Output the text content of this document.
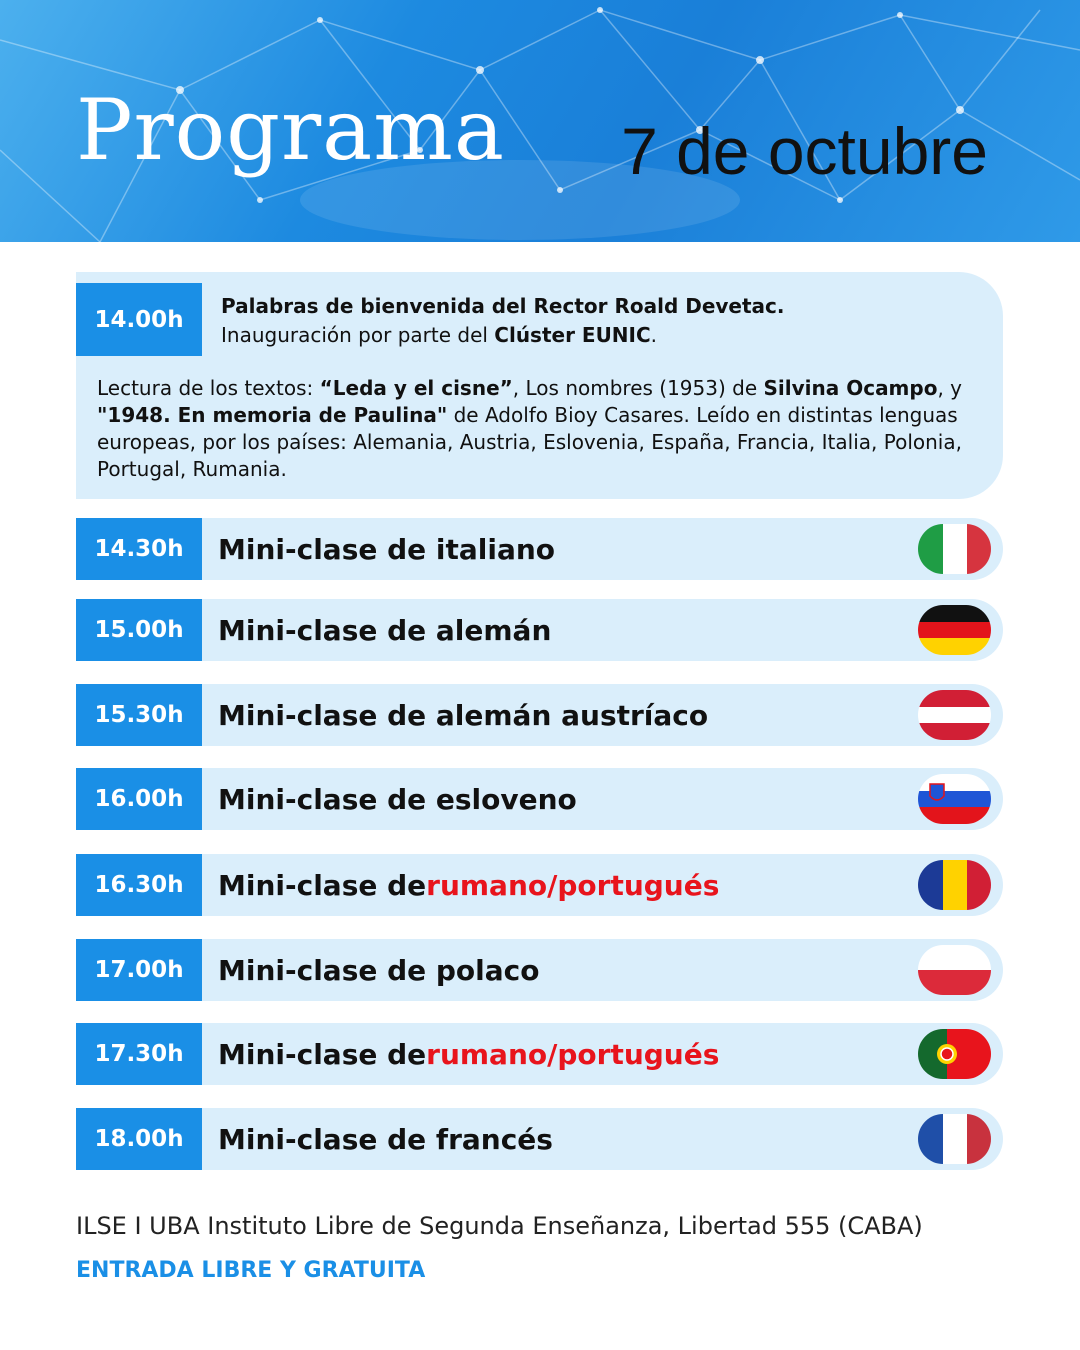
Programa 7 de octubre
14.00h
Palabras de bienvenida del Rector Roald Devetac.
Inauguración por parte del Clúster EUNIC.
Lectura de los textos: “Leda y el cisne”, Los nombres (1953) de Silvina Ocampo, y "1948. En memoria de Paulina" de Adolfo Bioy Casares. Leído en distintas lenguas europeas, por los países: Alemania, Austria, Eslovenia, España, Francia, Italia, Polonia, Portugal, Rumania.
14.30h	Mini-clase de italiano
15.00h	Mini-clase de alemán
15.30h	Mini-clase de alemán austríaco
16.00h	Mini-clase de esloveno
16.30h	Mini-clase de rumano/portugués
17.00h	Mini-clase de polaco
17.30h	Mini-clase de rumano/portugués
18.00h	Mini-clase de francés
ILSE I UBA Instituto Libre de Segunda Enseñanza, Libertad 555 (CABA)
ENTRADA LIBRE Y GRATUITA
